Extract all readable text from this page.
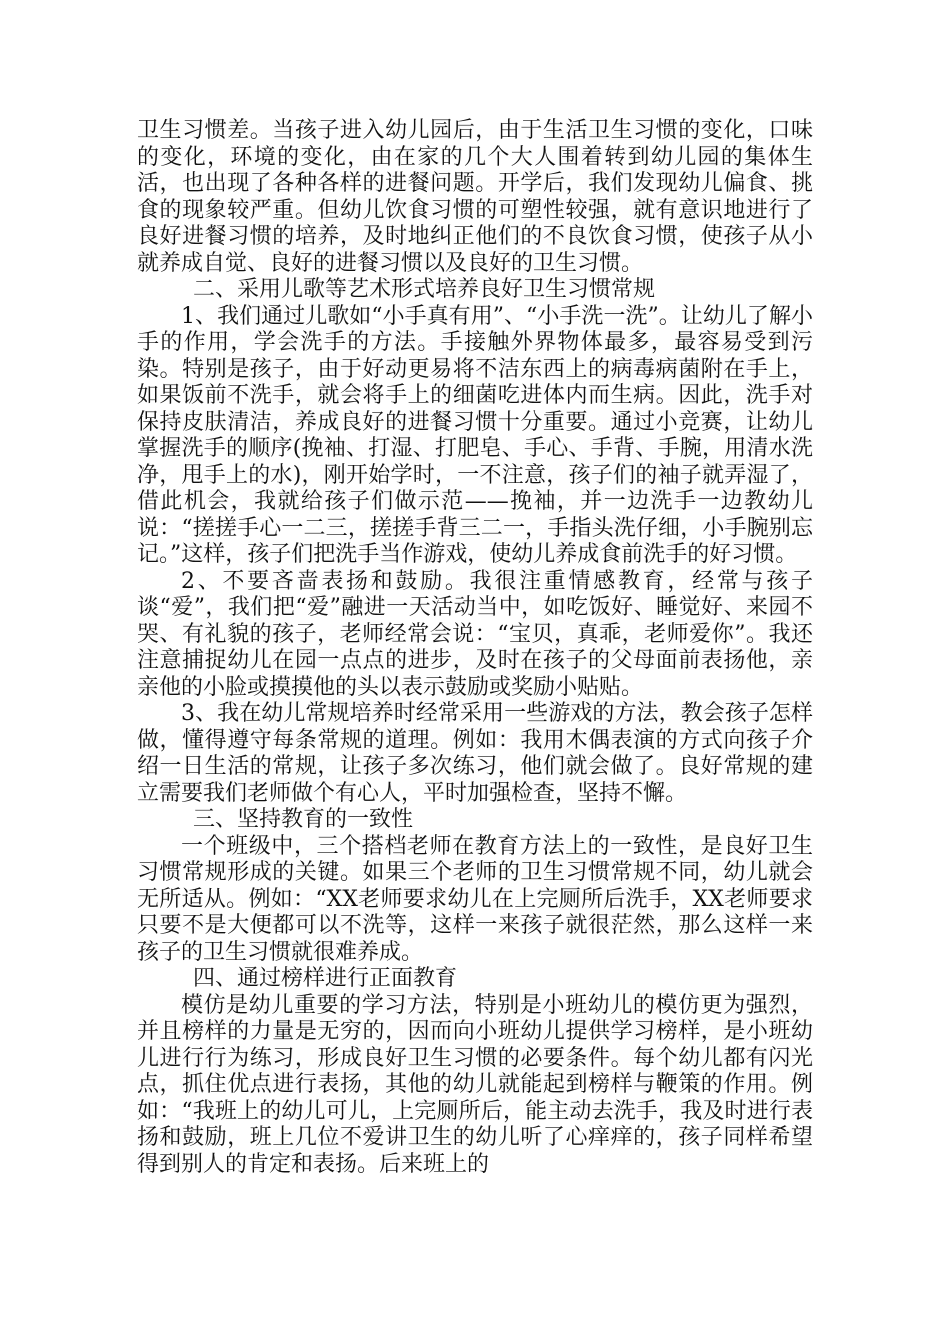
卫生习惯差。当孩子进入幼儿园后，由于生活卫生习惯的变化，口味的变化，环境的变化，由在家的几个大人围着转到幼儿园的集体生活，也出现了各种各样的进餐问题。开学后，我们发现幼儿偏食、挑食的现象较严重。但幼儿饮食习惯的可塑性较强，就有意识地进行了良好进餐习惯的培养，及时地纠正他们的不良饮食习惯，使孩子从小就养成自觉、良好的进餐习惯以及良好的卫生习惯。

二、采用儿歌等艺术形式培养良好卫生习惯常规

1、我们通过儿歌如“小手真有用”、“小手洗一洗”。让幼儿了解小手的作用，学会洗手的方法。手接触外界物体最多，最容易受到污染。特别是孩子，由于好动更易将不洁东西上的病毒病菌附在手上，如果饭前不洗手，就会将手上的细菌吃进体内而生病。因此，洗手对保持皮肤清洁，养成良好的进餐习惯十分重要。通过小竞赛，让幼儿掌握洗手的顺序(挽袖、打湿、打肥皂、手心、手背、手腕，用清水洗净，甩手上的水)，刚开始学时，一不注意，孩子们的袖子就弄湿了，借此机会，我就给孩子们做示范——挽袖，并一边洗手一边教幼儿说：“搓搓手心一二三，搓搓手背三二一，手指头洗仔细，小手腕别忘记。”这样，孩子们把洗手当作游戏，使幼儿养成食前洗手的好习惯。

2、不要吝啬表扬和鼓励。我很注重情感教育，经常与孩子谈“爱”，我们把“爱”融进一天活动当中，如吃饭好、睡觉好、来园不哭、有礼貌的孩子，老师经常会说：“宝贝，真乖，老师爱你”。我还注意捕捉幼儿在园一点点的进步，及时在孩子的父母面前表扬他，亲亲他的小脸或摸摸他的头以表示鼓励或奖励小贴贴。

3、我在幼儿常规培养时经常采用一些游戏的方法，教会孩子怎样做，懂得遵守每条常规的道理。例如：我用木偶表演的方式向孩子介绍一日生活的常规，让孩子多次练习，他们就会做了。良好常规的建立需要我们老师做个有心人，平时加强检查，坚持不懈。

三、坚持教育的一致性

一个班级中，三个搭档老师在教育方法上的一致性，是良好卫生习惯常规形成的关键。如果三个老师的卫生习惯常规不同，幼儿就会无所适从。例如：“XX老师要求幼儿在上完厕所后洗手，XX老师要求只要不是大便都可以不洗等，这样一来孩子就很茫然，那么这样一来孩子的卫生习惯就很难养成。

四、通过榜样进行正面教育

模仿是幼儿重要的学习方法，特别是小班幼儿的模仿更为强烈，并且榜样的力量是无穷的，因而向小班幼儿提供学习榜样，是小班幼儿进行行为练习，形成良好卫生习惯的必要条件。每个幼儿都有闪光点，抓住优点进行表扬，其他的幼儿就能起到榜样与鞭策的作用。例如：“我班上的幼儿可儿，上完厕所后，能主动去洗手，我及时进行表扬和鼓励，班上几位不爱讲卫生的幼儿听了心痒痒的，孩子同样希望得到别人的肯定和表扬。后来班上的
